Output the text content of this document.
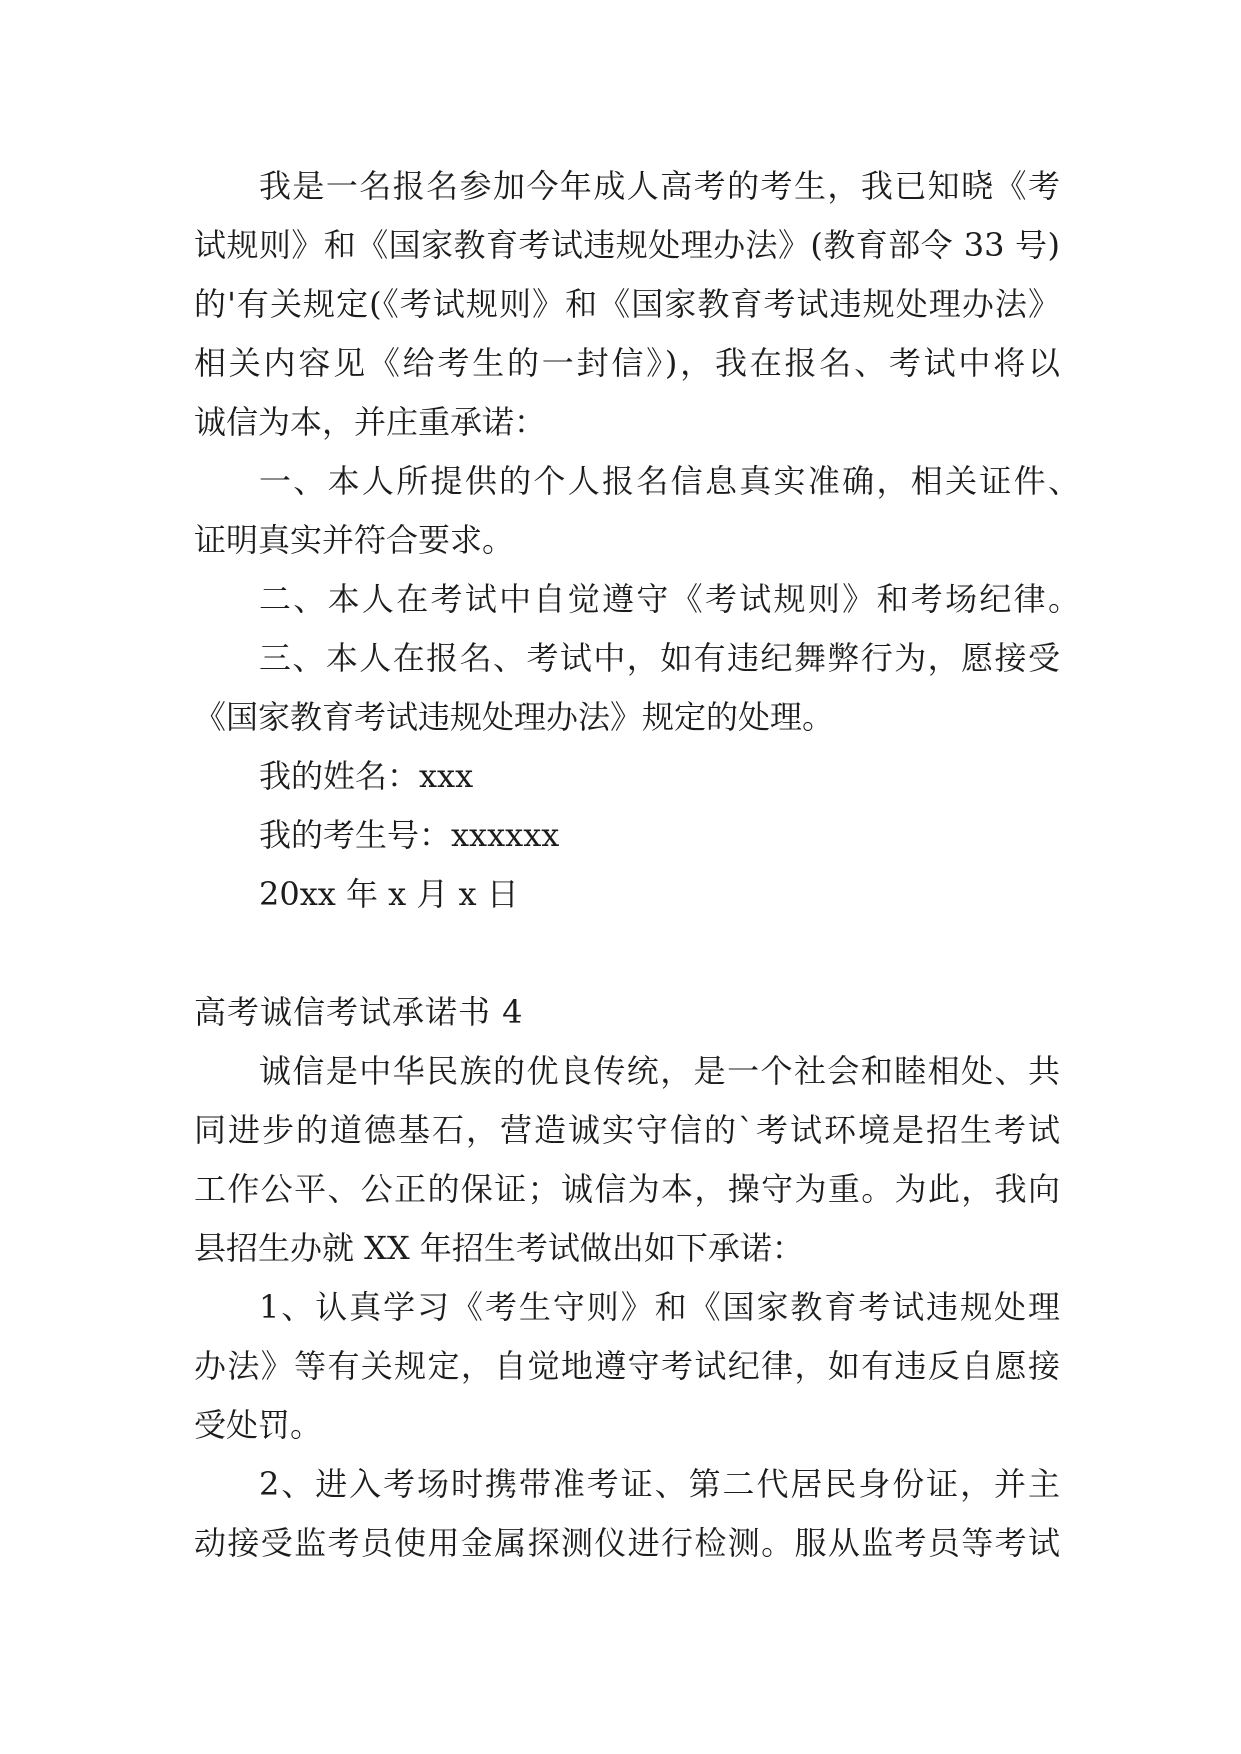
我是一名报名参加今年成人高考的考生，我已知晓《考
试规则》和《国家教育考试违规处理办法》(教育部令 33 号)
的'有关规定(《考试规则》和《国家教育考试违规处理办法》
相关内容见《给考生的一封信》)，我在报名、考试中将以
诚信为本，并庄重承诺：
一、本人所提供的个人报名信息真实准确，相关证件、
证明真实并符合要求。
二、本人在考试中自觉遵守《考试规则》和考场纪律。
三、本人在报名、考试中，如有违纪舞弊行为，愿接受
《国家教育考试违规处理办法》规定的处理。
我的姓名：xxx
我的考生号：xxxxxx
20xx 年 x 月 x 日
高考诚信考试承诺书 4
诚信是中华民族的优良传统，是一个社会和睦相处、共
同进步的道德基石，营造诚实守信的`考试环境是招生考试
工作公平、公正的保证；诚信为本，操守为重。为此，我向
县招生办就 XX 年招生考试做出如下承诺：
1、认真学习《考生守则》和《国家教育考试违规处理
办法》等有关规定，自觉地遵守考试纪律，如有违反自愿接
受处罚。
2、进入考场时携带准考证、第二代居民身份证，并主
动接受监考员使用金属探测仪进行检测。服从监考员等考试
